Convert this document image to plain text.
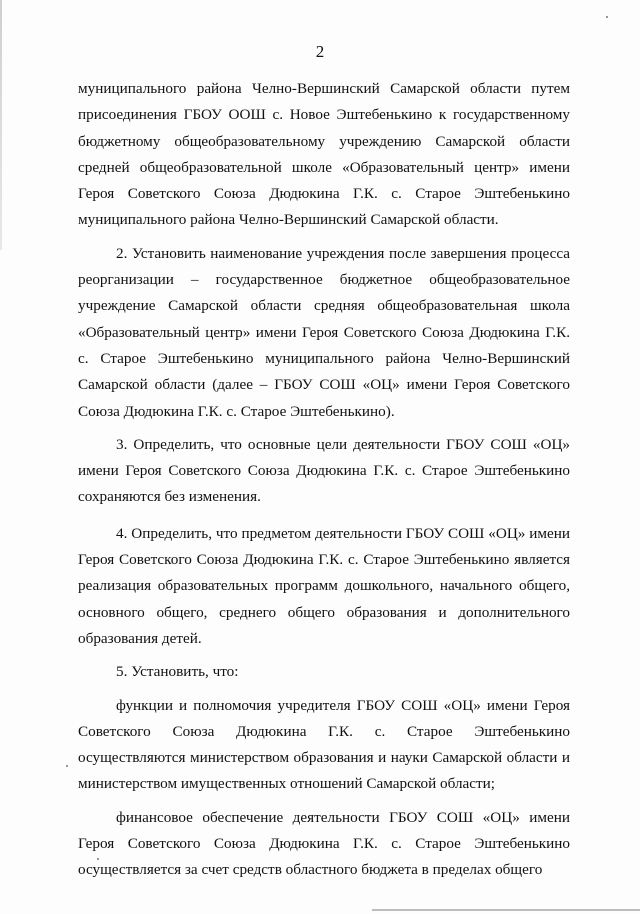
2

муниципального района Челно-Вершинский Самарской области путем присоединения ГБОУ ООШ с. Новое Эштебенькино к государственному бюджетному общеобразовательному учреждению Самарской области средней общеобразовательной школе «Образовательный центр» имени Героя Советского Союза Дюдюкина Г.К. с. Старое Эштебенькино муниципального района Челно-Вершинский Самарской области.

2. Установить наименование учреждения после завершения процесса реорганизации – государственное бюджетное общеобразовательное учреждение Самарской области средняя общеобразовательная школа «Образовательный центр» имени Героя Советского Союза Дюдюкина Г.К. с. Старое Эштебенькино муниципального района Челно-Вершинский Самарской области (далее – ГБОУ СОШ «ОЦ» имени Героя Советского Союза Дюдюкина Г.К. с. Старое Эштебенькино).

3. Определить, что основные цели деятельности ГБОУ СОШ «ОЦ» имени Героя Советского Союза Дюдюкина Г.К. с. Старое Эштебенькино сохраняются без изменения.

4. Определить, что предметом деятельности ГБОУ СОШ «ОЦ» имени Героя Советского Союза Дюдюкина Г.К. с. Старое Эштебенькино является реализация образовательных программ дошкольного, начального общего, основного общего, среднего общего образования и дополнительного образования детей.

5. Установить, что:

функции и полномочия учредителя ГБОУ СОШ «ОЦ» имени Героя Советского Союза Дюдюкина Г.К. с. Старое Эштебенькино осуществляются министерством образования и науки Самарской области и министерством имущественных отношений Самарской области;

финансовое обеспечение деятельности ГБОУ СОШ «ОЦ» имени Героя Советского Союза Дюдюкина Г.К. с. Старое Эштебенькино осуществляется за счет средств областного бюджета в пределах общего
